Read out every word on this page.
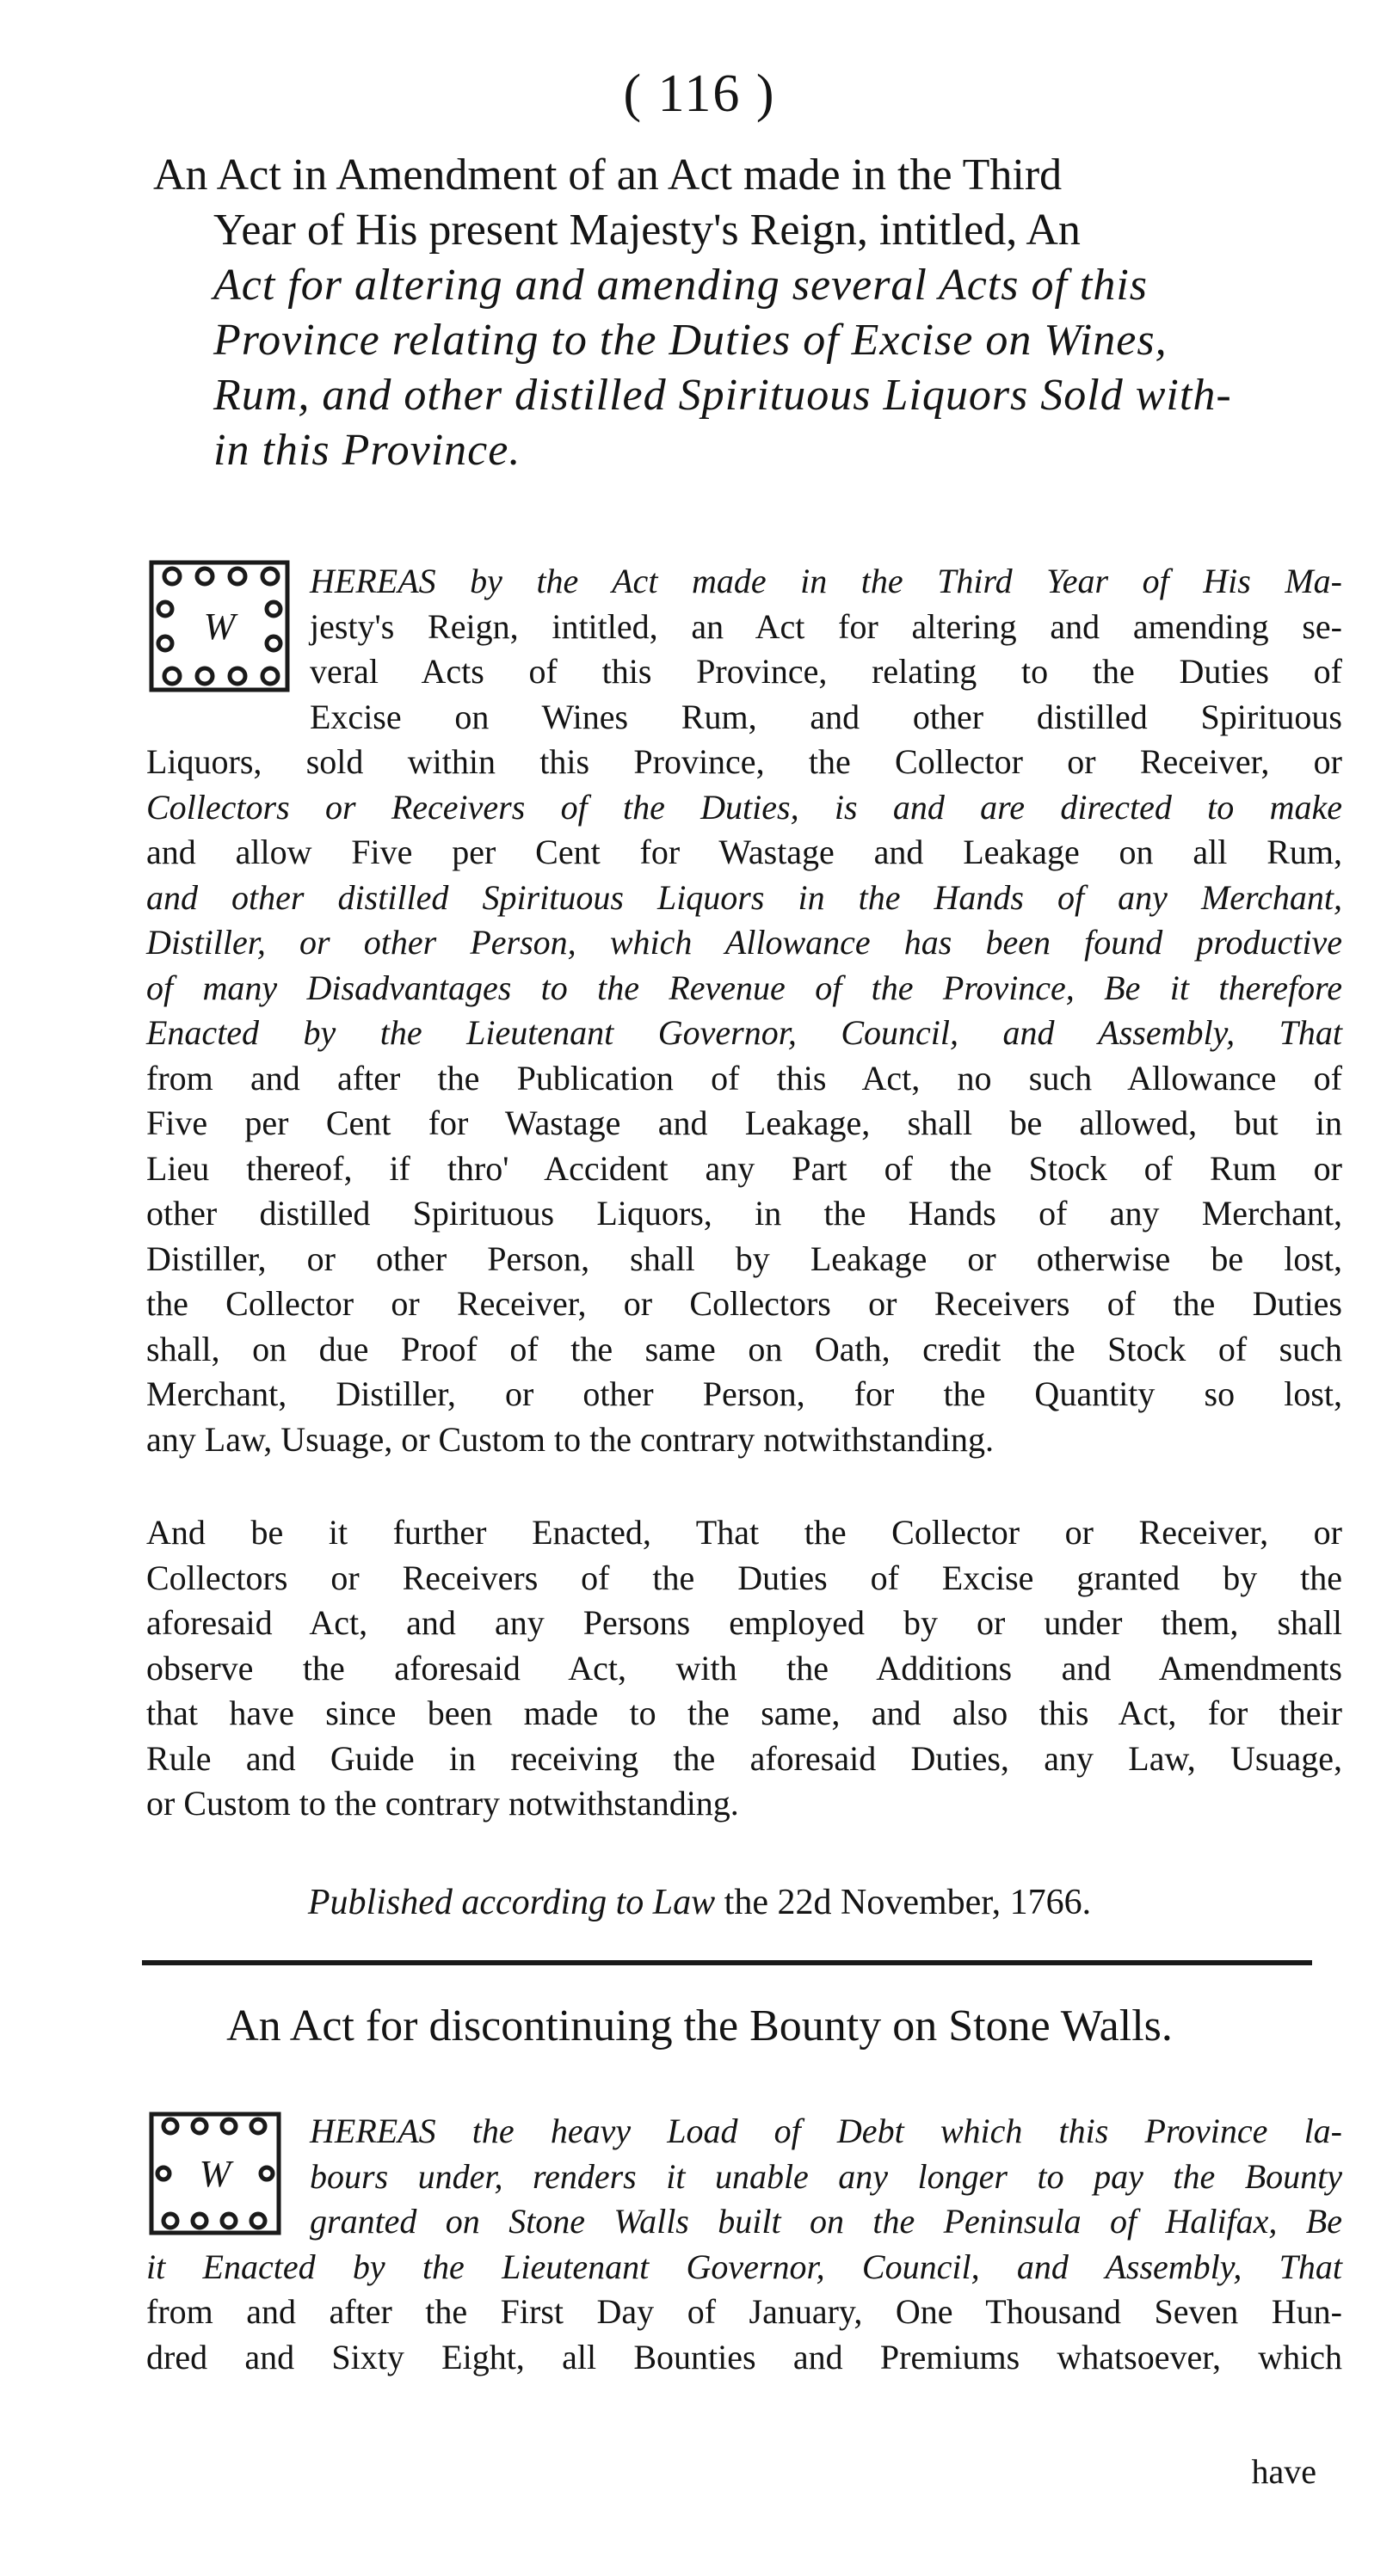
( 116 )
An Act in Amendment of an Act made in the Third
Year of His present Majesty's Reign, intitled, An
Act for altering and amending several Acts of this
Province relating to the Duties of Excise on Wines,
Rum, and other distilled Spirituous Liquors Sold with-
in this Province.
W
HEREAS by the Act made in the Third Year of His Ma-
jesty's Reign, intitled, an Act for altering and amending se-
veral Acts of this Province, relating to the Duties of
Excise on Wines Rum, and other distilled Spirituous
Liquors, sold within this Province, the Collector or Receiver, or
Collectors or Receivers of the Duties, is and are directed to make
and allow Five per Cent for Wastage and Leakage on all Rum,
and other distilled Spirituous Liquors in the Hands of any Merchant,
Distiller, or other Person, which Allowance has been found productive
of many Disadvantages to the Revenue of the Province, Be it therefore
Enacted by the Lieutenant Governor, Council, and Assembly, That
from and after the Publication of this Act, no such Allowance of
Five per Cent for Wastage and Leakage, shall be allowed, but in
Lieu thereof, if thro' Accident any Part of the Stock of Rum or
other distilled Spirituous Liquors, in the Hands of any Merchant,
Distiller, or other Person, shall by Leakage or otherwise be lost,
the Collector or Receiver, or Collectors or Receivers of the Duties
shall, on due Proof of the same on Oath, credit the Stock of such
Merchant, Distiller, or other Person, for the Quantity so lost,
any Law, Usuage, or Custom to the contrary notwithstanding.
And be it further Enacted, That the Collector or Receiver, or
Collectors or Receivers of the Duties of Excise granted by the
aforesaid Act, and any Persons employed by or under them, shall
observe the aforesaid Act, with the Additions and Amendments
that have since been made to the same, and also this Act, for their
Rule and Guide in receiving the aforesaid Duties, any Law, Usuage,
or Custom to the contrary notwithstanding.
Published according to Law the 22d November, 1766.
An Act for discontinuing the Bounty on Stone Walls.
W
HEREAS the heavy Load of Debt which this Province la-
bours under, renders it unable any longer to pay the Bounty
granted on Stone Walls built on the Peninsula of Halifax, Be
it Enacted by the Lieutenant Governor, Council, and Assembly, That
from and after the First Day of January, One Thousand Seven Hun-
dred and Sixty Eight, all Bounties and Premiums whatsoever, which
have
